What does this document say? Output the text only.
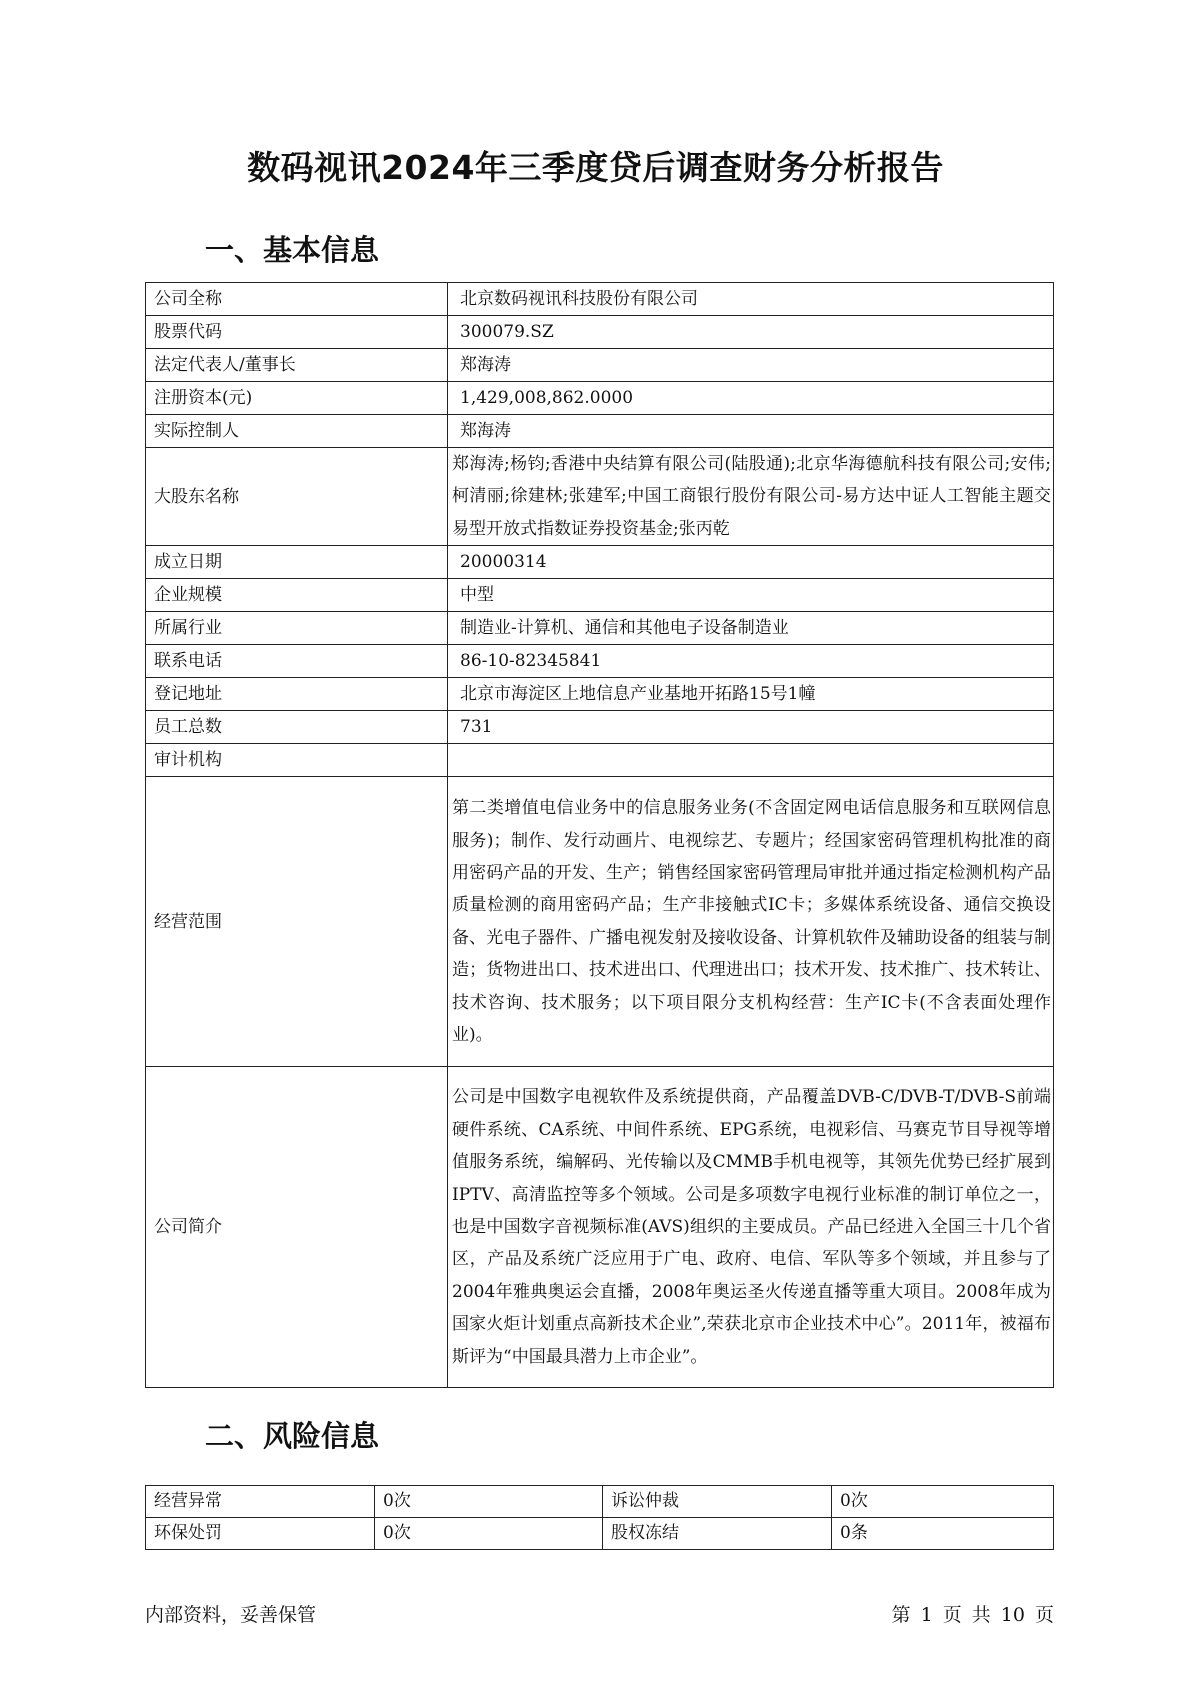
数码视讯2024年三季度贷后调查财务分析报告
一、基本信息
公司全称	北京数码视讯科技股份有限公司
股票代码	300079.SZ
法定代表人/董事长	郑海涛
注册资本(元)	1,429,008,862.0000
实际控制人	郑海涛
大股东名称	郑海涛;杨钧;香港中央结算有限公司(陆股通);北京华海德航科技有限公司;安伟;柯清丽;徐建林;张建军;中国工商银行股份有限公司-易方达中证人工智能主题交易型开放式指数证券投资基金;张丙乾
成立日期	20000314
企业规模	中型
所属行业	制造业-计算机、通信和其他电子设备制造业
联系电话	86-10-82345841
登记地址	北京市海淀区上地信息产业基地开拓路15号1幢
员工总数	731
审计机构	
经营范围	第二类增值电信业务中的信息服务业务(不含固定网电话信息服务和互联网信息服务)；制作、发行动画片、电视综艺、专题片；经国家密码管理机构批准的商用密码产品的开发、生产；销售经国家密码管理局审批并通过指定检测机构产品质量检测的商用密码产品；生产非接触式IC卡；多媒体系统设备、通信交换设备、光电子器件、广播电视发射及接收设备、计算机软件及辅助设备的组装与制造；货物进出口、技术进出口、代理进出口；技术开发、技术推广、技术转让、技术咨询、技术服务；以下项目限分支机构经营：生产IC卡(不含表面处理作业)。
公司简介	公司是中国数字电视软件及系统提供商，产品覆盖DVB-C/DVB-T/DVB-S前端硬件系统、CA系统、中间件系统、EPG系统，电视彩信、马赛克节目导视等增值服务系统，编解码、光传输以及CMMB手机电视等，其领先优势已经扩展到IPTV、高清监控等多个领域。公司是多项数字电视行业标准的制订单位之一，也是中国数字音视频标准(AVS)组织的主要成员。产品已经进入全国三十几个省区，产品及系统广泛应用于广电、政府、电信、军队等多个领域，并且参与了2004年雅典奥运会直播，2008年奥运圣火传递直播等重大项目。2008年成为国家火炬计划重点高新技术企业”,荣获北京市企业技术中心”。2011年，被福布斯评为“中国最具潜力上市企业”。
二、风险信息
经营异常	0次	诉讼仲裁	0次
环保处罚	0次	股权冻结	0条
内部资料，妥善保管	第 1 页 共 10 页
